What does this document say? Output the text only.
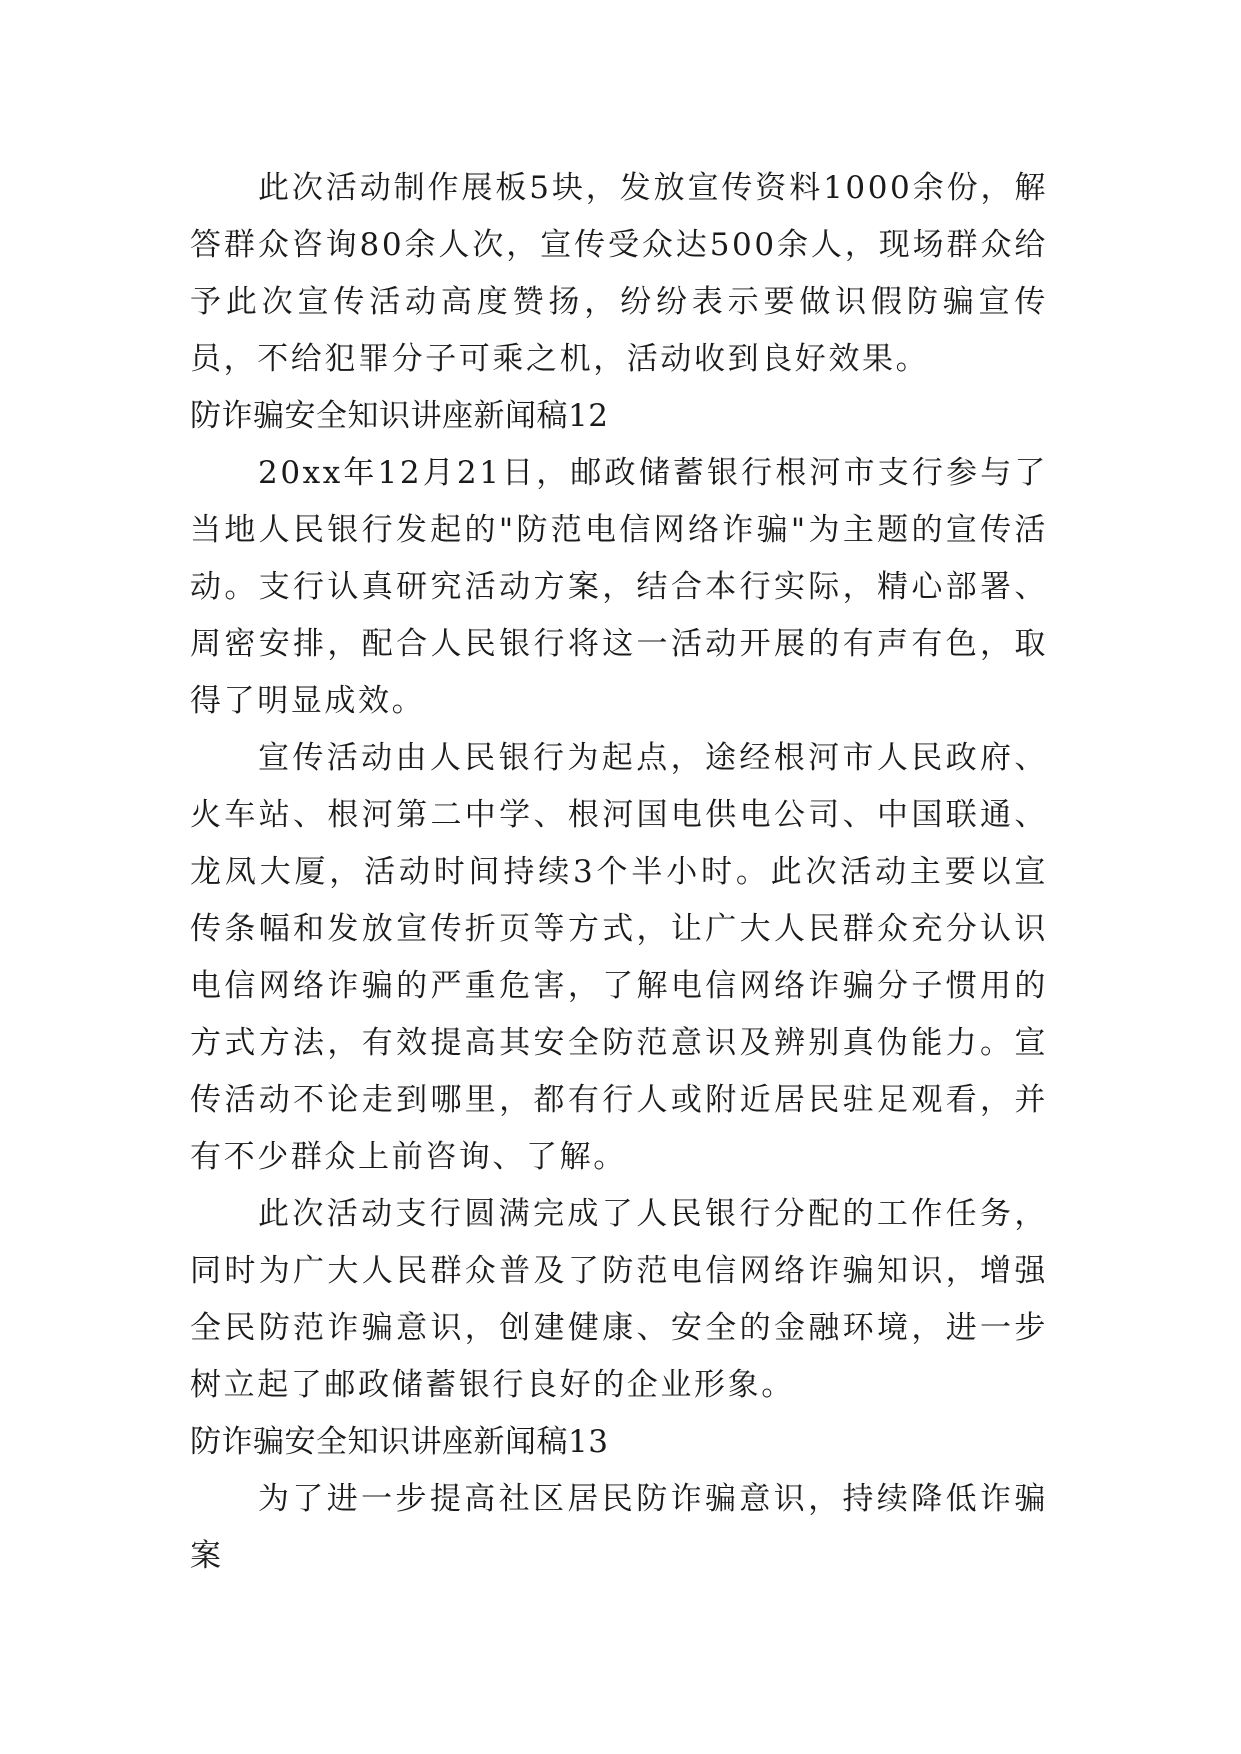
此次活动制作展板5块，发放宣传资料1000余份，解答群众咨询80余人次，宣传受众达500余人，现场群众给予此次宣传活动高度赞扬，纷纷表示要做识假防骗宣传员，不给犯罪分子可乘之机，活动收到良好效果。

防诈骗安全知识讲座新闻稿12

20xx年12月21日，邮政储蓄银行根河市支行参与了当地人民银行发起的"防范电信网络诈骗"为主题的宣传活动。支行认真研究活动方案，结合本行实际，精心部署、周密安排，配合人民银行将这一活动开展的有声有色，取得了明显成效。

宣传活动由人民银行为起点，途经根河市人民政府、火车站、根河第二中学、根河国电供电公司、中国联通、龙凤大厦，活动时间持续3个半小时。此次活动主要以宣传条幅和发放宣传折页等方式，让广大人民群众充分认识电信网络诈骗的严重危害，了解电信网络诈骗分子惯用的方式方法，有效提高其安全防范意识及辨别真伪能力。宣传活动不论走到哪里，都有行人或附近居民驻足观看，并有不少群众上前咨询、了解。

此次活动支行圆满完成了人民银行分配的工作任务，同时为广大人民群众普及了防范电信网络诈骗知识，增强全民防范诈骗意识，创建健康、安全的金融环境，进一步树立起了邮政储蓄银行良好的企业形象。

防诈骗安全知识讲座新闻稿13

为了进一步提高社区居民防诈骗意识，持续降低诈骗案
